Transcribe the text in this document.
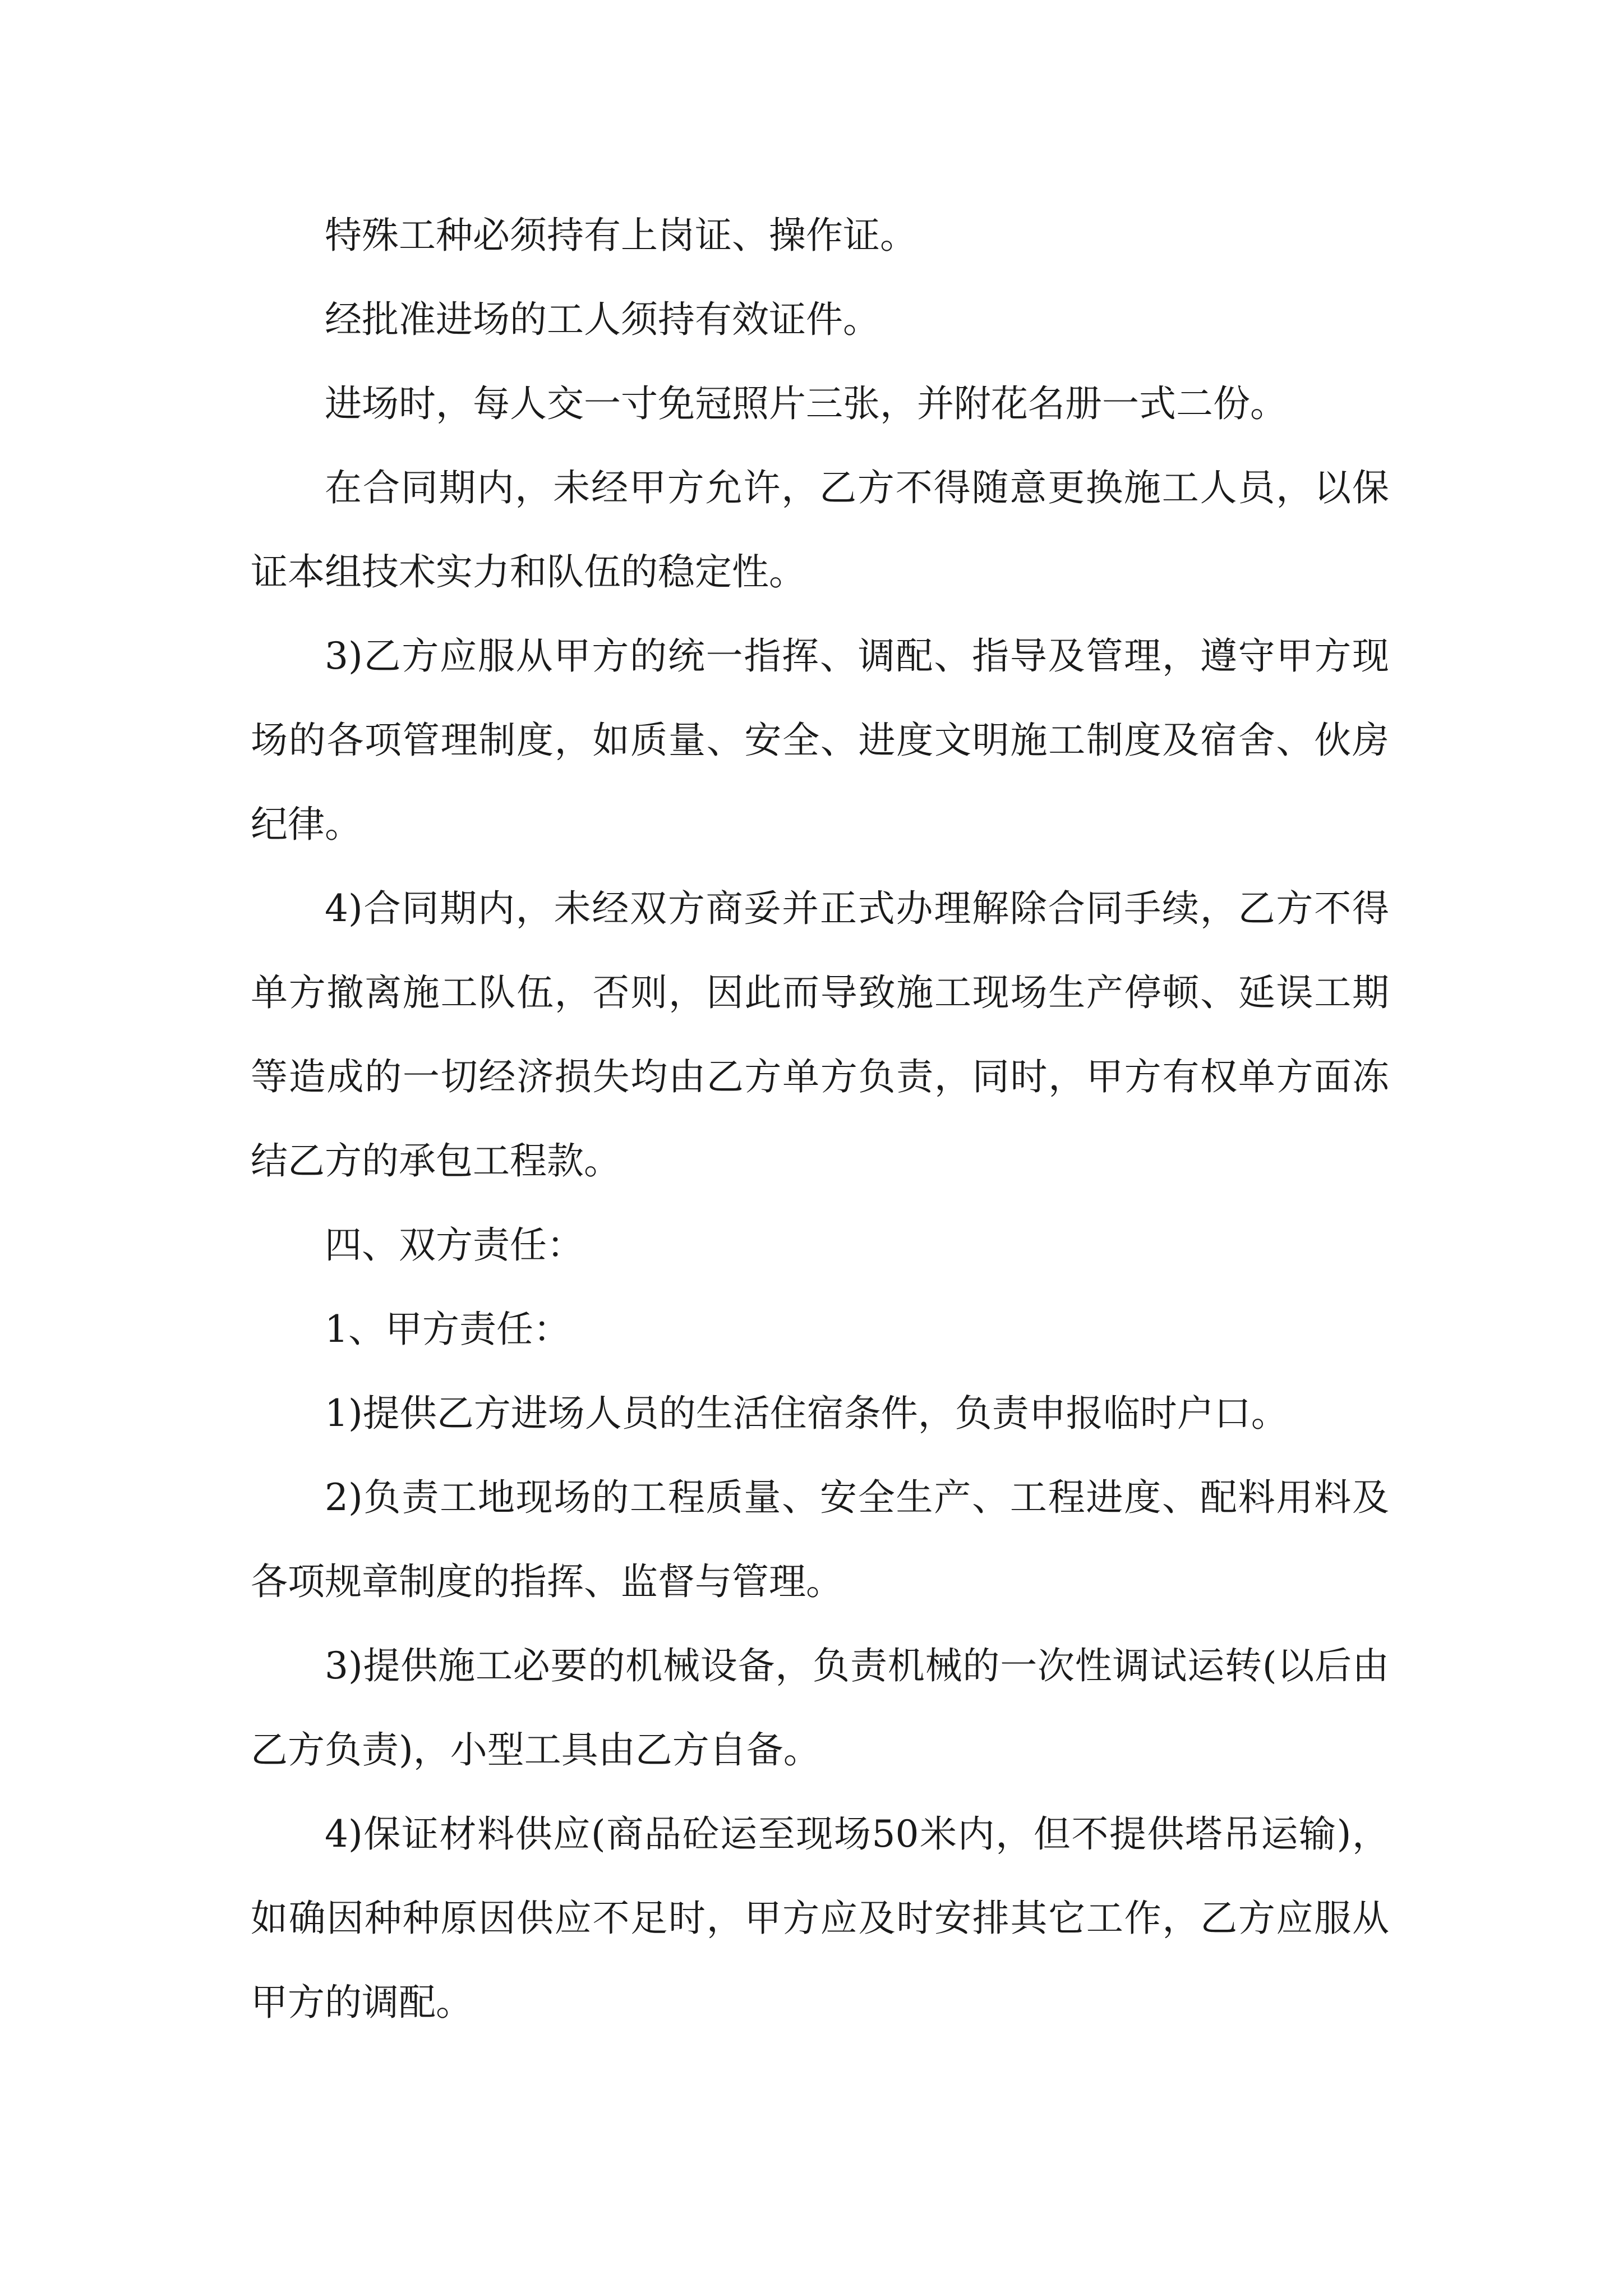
特殊工种必须持有上岗证、操作证。

经批准进场的工人须持有效证件。

进场时，每人交一寸免冠照片三张，并附花名册一式二份。

在合同期内，未经甲方允许，乙方不得随意更换施工人员，以保证本组技术实力和队伍的稳定性。

3)乙方应服从甲方的统一指挥、调配、指导及管理，遵守甲方现场的各项管理制度，如质量、安全、进度文明施工制度及宿舍、伙房纪律。

4)合同期内，未经双方商妥并正式办理解除合同手续，乙方不得单方撤离施工队伍，否则，因此而导致施工现场生产停顿、延误工期等造成的一切经济损失均由乙方单方负责，同时，甲方有权单方面冻结乙方的承包工程款。

四、双方责任：

1、甲方责任：

1)提供乙方进场人员的生活住宿条件，负责申报临时户口。

2)负责工地现场的工程质量、安全生产、工程进度、配料用料及各项规章制度的指挥、监督与管理。

3)提供施工必要的机械设备，负责机械的一次性调试运转(以后由乙方负责)，小型工具由乙方自备。

4)保证材料供应(商品砼运至现场50米内，但不提供塔吊运输)，如确因种种原因供应不足时，甲方应及时安排其它工作，乙方应服从甲方的调配。
